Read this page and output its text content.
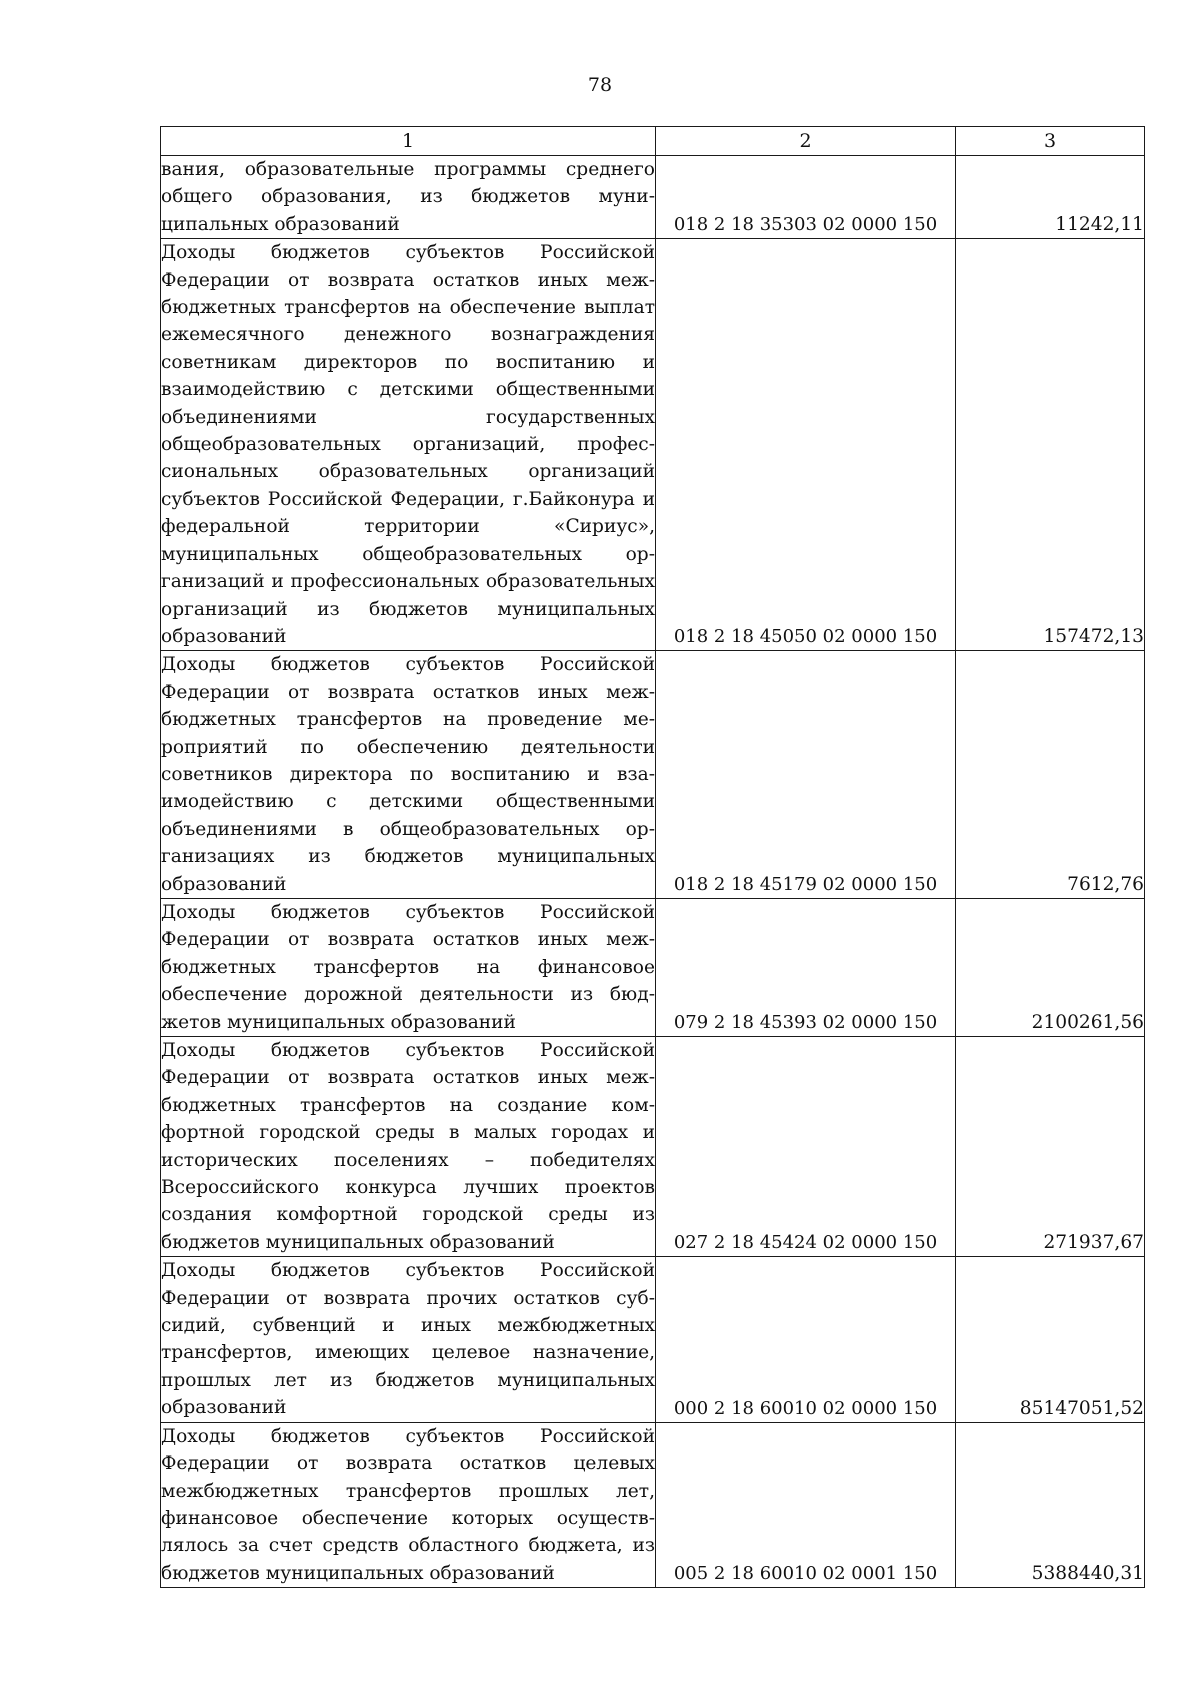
78
1	2	3
вания, образовательные программы среднего общего образования, из бюджетов муниципальных образований	018 2 18 35303 02 0000 150	11242,11
Доходы бюджетов субъектов Российской Федерации от возврата остатков иных межбюджетных трансфертов на обеспечение выплат ежемесячного денежного вознаграждения советникам директоров по воспитанию и взаимодействию с детскими общественными объединениями государственных общеобразовательных организаций, профессиональных образовательных организаций субъектов Российской Федерации, г.Байконура и федеральной территории «Сириус», муниципальных общеобразовательных организаций и профессиональных образовательных организаций из бюджетов муниципальных образований	018 2 18 45050 02 0000 150	157472,13
Доходы бюджетов субъектов Российской Федерации от возврата остатков иных межбюджетных трансфертов на проведение мероприятий по обеспечению деятельности советников директора по воспитанию и взаимодействию с детскими общественными объединениями в общеобразовательных организациях из бюджетов муниципальных образований	018 2 18 45179 02 0000 150	7612,76
Доходы бюджетов субъектов Российской Федерации от возврата остатков иных межбюджетных трансфертов на финансовое обеспечение дорожной деятельности из бюджетов муниципальных образований	079 2 18 45393 02 0000 150	2100261,56
Доходы бюджетов субъектов Российской Федерации от возврата остатков иных межбюджетных трансфертов на создание комфортной городской среды в малых городах и исторических поселениях – победителях Всероссийского конкурса лучших проектов создания комфортной городской среды из бюджетов муниципальных образований	027 2 18 45424 02 0000 150	271937,67
Доходы бюджетов субъектов Российской Федерации от возврата прочих остатков субсидий, субвенций и иных межбюджетных трансфертов, имеющих целевое назначение, прошлых лет из бюджетов муниципальных образований	000 2 18 60010 02 0000 150	85147051,52
Доходы бюджетов субъектов Российской Федерации от возврата остатков целевых межбюджетных трансфертов прошлых лет, финансовое обеспечение которых осуществлялось за счет средств областного бюджета, из бюджетов муниципальных образований	005 2 18 60010 02 0001 150	5388440,31
